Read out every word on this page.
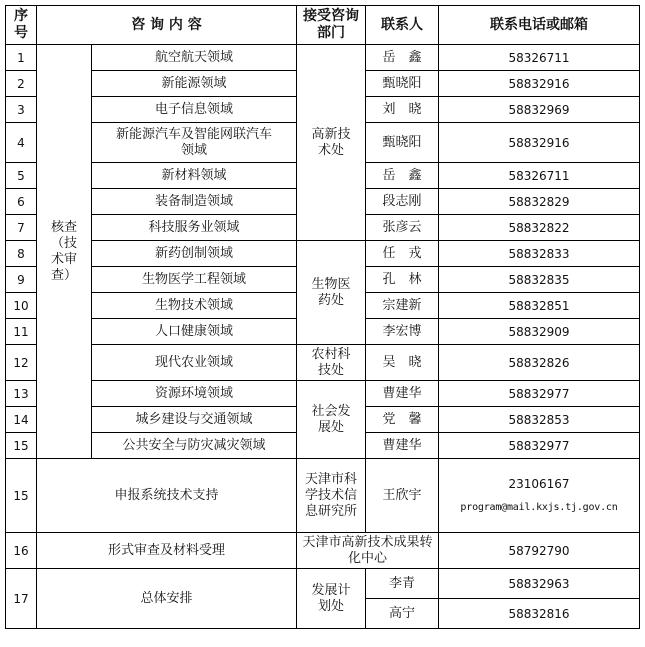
序号	咨 询 内 容		接受咨询部门	联系人	联系电话或邮箱
1	核查（技术审查）	航空航天领域	高新技术处	岳　鑫	58326711
2		新能源领域		甄晓阳	58832916
3		电子信息领域		刘　晓	58832969
4		新能源汽车及智能网联汽车领域		甄晓阳	58832916
5		新材料领域		岳　鑫	58326711
6		装备制造领域		段志刚	58832829
7		科技服务业领域		张彦云	58832822
8		新药创制领域	生物医药处	任　戎	58832833
9		生物医学工程领域		孔　林	58832835
10		生物技术领域		宗建新	58832851
11		人口健康领域		李宏博	58832909
12		现代农业领域	农村科技处	吴　晓	58832826
13		资源环境领域	社会发展处	曹建华	58832977
14		城乡建设与交通领域		党　馨	58832853
15		公共安全与防灾减灾领域		曹建华	58832977
15	申报系统技术支持		天津市科学技术信息研究所	王欣宇	23106167
program@mail.kxjs.tj.gov.cn

16	形式审查及材料受理		天津市高新技术成果转化中心		58792790
17	总体安排		发展计划处	李青	58832963
				高宁	58832816
